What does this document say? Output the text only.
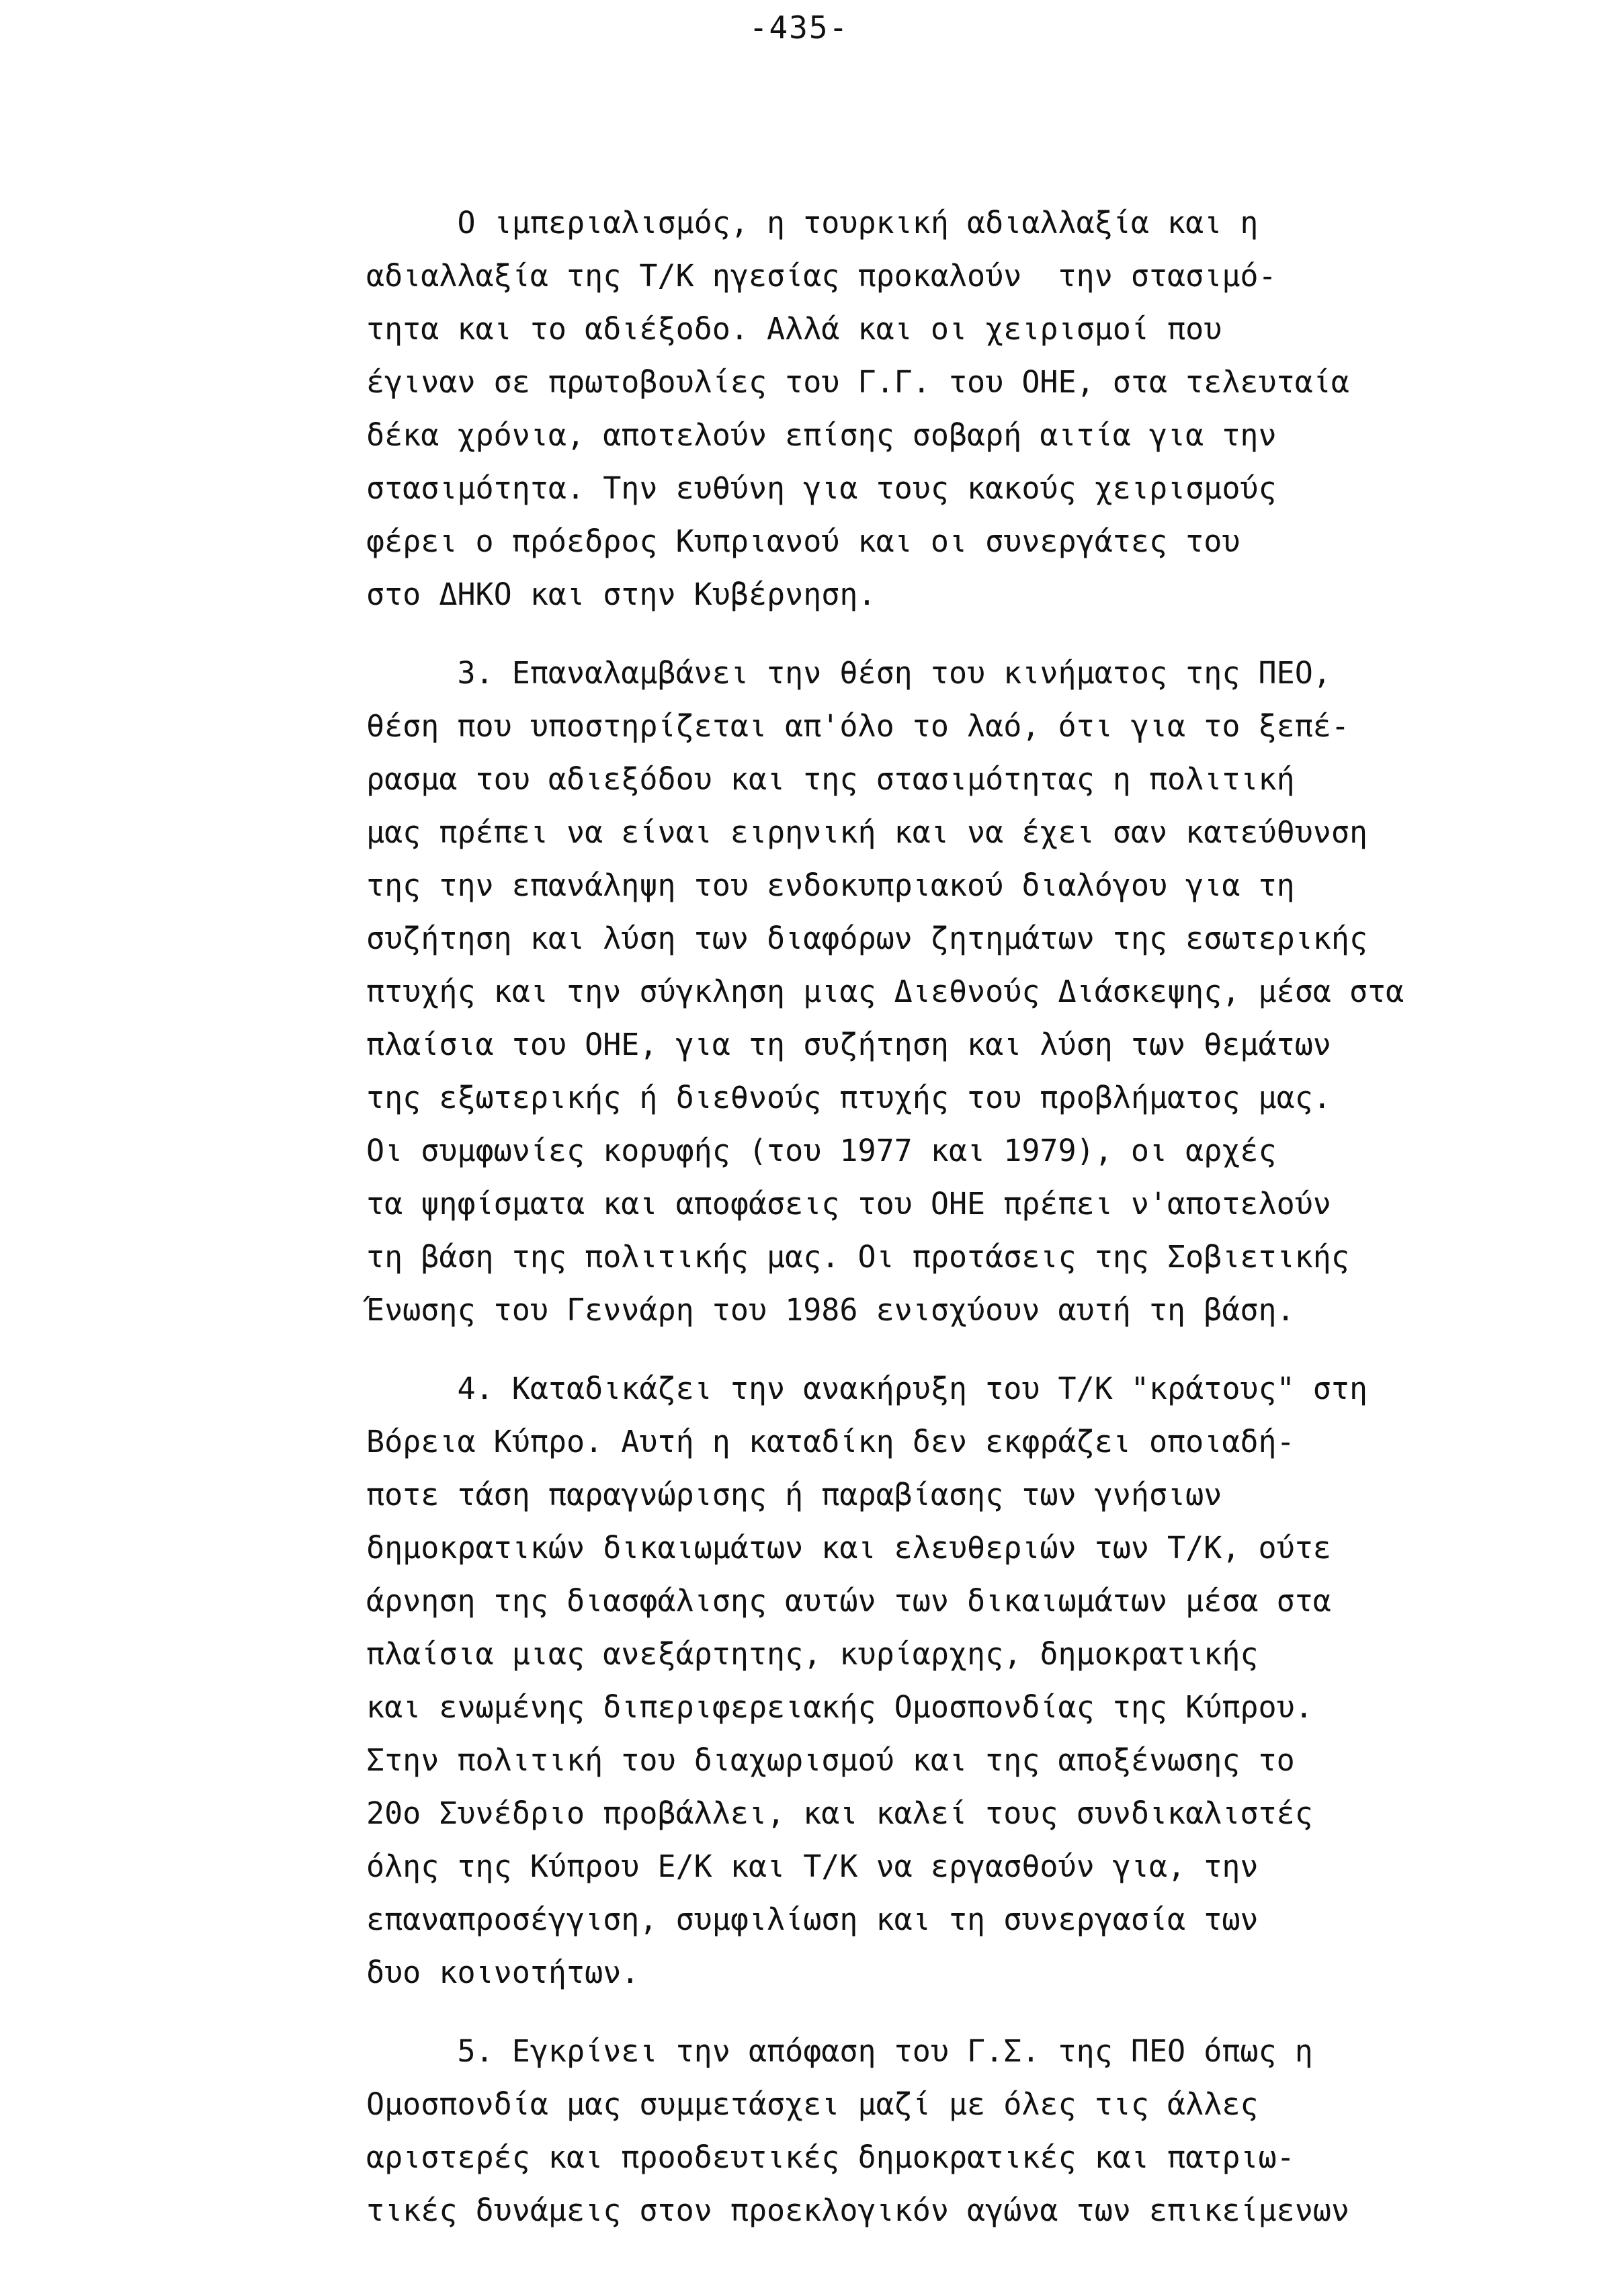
-435-
Ο ιμπεριαλισμός, η τουρκική αδιαλλαξία και η
αδιαλλαξία της Τ/Κ ηγεσίας προκαλούν  την στασιμό-
τητα και το αδιέξοδο. Αλλά και οι χειρισμοί που
έγιναν σε πρωτοβουλίες του Γ.Γ. του ΟΗΕ, στα τελευταία
δέκα χρόνια, αποτελούν επίσης σοβαρή αιτία για την
στασιμότητα. Την ευθύνη για τους κακούς χειρισμούς
φέρει ο πρόεδρος Κυπριανού και οι συνεργάτες του
στο ΔΗΚΟ και στην Κυβέρνηση.
3. Επαναλαμβάνει την θέση του κινήματος της ΠΕΟ,
θέση που υποστηρίζεται απ'όλο το λαό, ότι για το ξεπέ-
ρασμα του αδιεξόδου και της στασιμότητας η πολιτική
μας πρέπει να είναι ειρηνική και να έχει σαν κατεύθυνση
της την επανάληψη του ενδοκυπριακού διαλόγου για τη
συζήτηση και λύση των διαφόρων ζητημάτων της εσωτερικής
πτυχής και την σύγκληση μιας Διεθνούς Διάσκεψης, μέσα στα
πλαίσια του ΟΗΕ, για τη συζήτηση και λύση των θεμάτων
της εξωτερικής ή διεθνούς πτυχής του προβλήματος μας.
Οι συμφωνίες κορυφής (του 1977 και 1979), οι αρχές
τα ψηφίσματα και αποφάσεις του ΟΗΕ πρέπει ν'αποτελούν
τη βάση της πολιτικής μας. Οι προτάσεις της Σοβιετικής
Ένωσης του Γεννάρη του 1986 ενισχύουν αυτή τη βάση.
4. Καταδικάζει την ανακήρυξη του Τ/Κ "κράτους" στη
Βόρεια Κύπρο. Αυτή η καταδίκη δεν εκφράζει οποιαδή-
ποτε τάση παραγνώρισης ή παραβίασης των γνήσιων
δημοκρατικών δικαιωμάτων και ελευθεριών των Τ/Κ, ούτε
άρνηση της διασφάλισης αυτών των δικαιωμάτων μέσα στα
πλαίσια μιας ανεξάρτητης, κυρίαρχης, δημοκρατικής
και ενωμένης διπεριφερειακής Ομοσπονδίας της Κύπρου.
Στην πολιτική του διαχωρισμού και της αποξένωσης το
20ο Συνέδριο προβάλλει, και καλεί τους συνδικαλιστές
όλης της Κύπρου Ε/Κ και Τ/Κ να εργασθούν για, την
επαναπροσέγγιση, συμφιλίωση και τη συνεργασία των
δυο κοινοτήτων.
5. Εγκρίνει την απόφαση του Γ.Σ. της ΠΕΟ όπως η
Ομοσπονδία μας συμμετάσχει μαζί με όλες τις άλλες
αριστερές και προοδευτικές δημοκρατικές και πατριω-
τικές δυνάμεις στον προεκλογικόν αγώνα των επικείμενων
